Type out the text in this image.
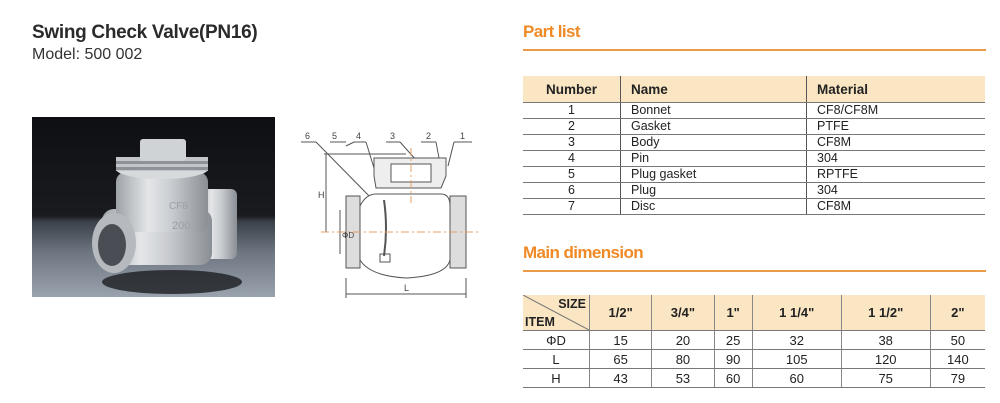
Swing Check Valve(PN16)
Model: 500 002
CF8
200
6 5 4	3	2	1
H
ΦD
L
Part list
Number	Name	Material
1	Bonnet	CF8/CF8M
2	Gasket	PTFE
3	Body	CF8M
4	Pin	304
5	Plug gasket	RPTFE
6	Plug	304
7	Disc	CF8M
Main dimension
SIZE
ITEM	1/2"	3/4"	1"	1 1/4"	1 1/2"	2"
ΦD	15	20	25	32	38	50
L	65	80	90	105	120	140
H	43	53	60	60	75	79
